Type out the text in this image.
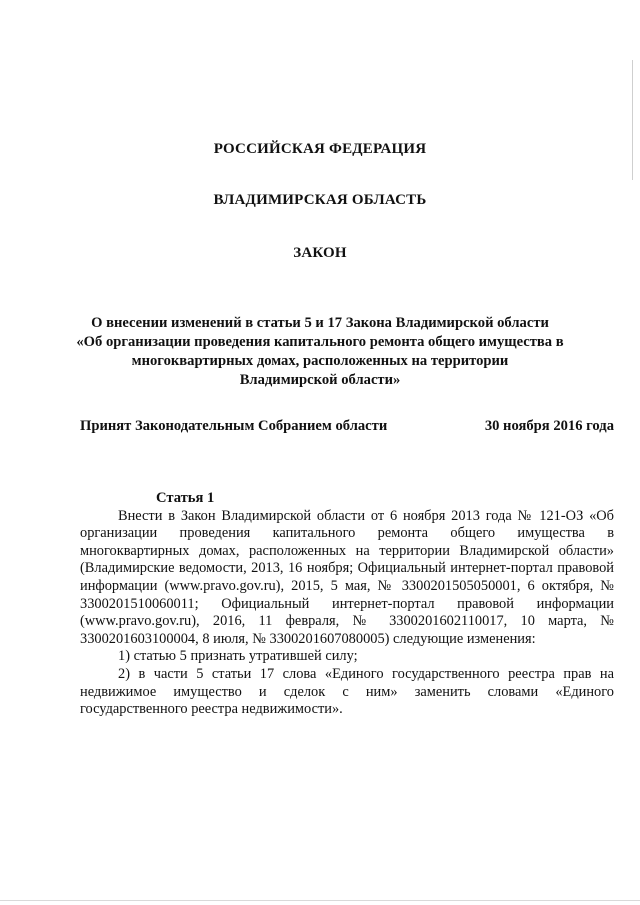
РОССИЙСКАЯ ФЕДЕРАЦИЯ
ВЛАДИМИРСКАЯ ОБЛАСТЬ
ЗАКОН
О внесении изменений в статьи 5 и 17 Закона Владимирской области
«Об организации проведения капитального ремонта общего имущества в
многоквартирных домах, расположенных на территории
Владимирской области»
Принят Законодательным Собранием области	30 ноября 2016 года

Статья 1

Внести в Закон Владимирской области от 6 ноября 2013 года № 121-ОЗ «Об организации проведения капитального ремонта общего имущества в многоквартирных домах, расположенных на территории Владимирской области» (Владимирские ведомости, 2013, 16 ноября; Официальный интернет-портал правовой информации (www.pravo.gov.ru), 2015, 5 мая, № 3300201505050001, 6 октября, № 3300201510060011; Официальный интернет-портал правовой информации (www.pravo.gov.ru), 2016, 11 февраля, № 3300201602110017, 10 марта, № 3300201603100004, 8 июля, № 3300201607080005) следующие изменения:

1) статью 5 признать утратившей силу;

2) в части 5 статьи 17 слова «Единого государственного реестра прав на недвижимое имущество и сделок с ним» заменить словами «Единого государственного реестра недвижимости».
